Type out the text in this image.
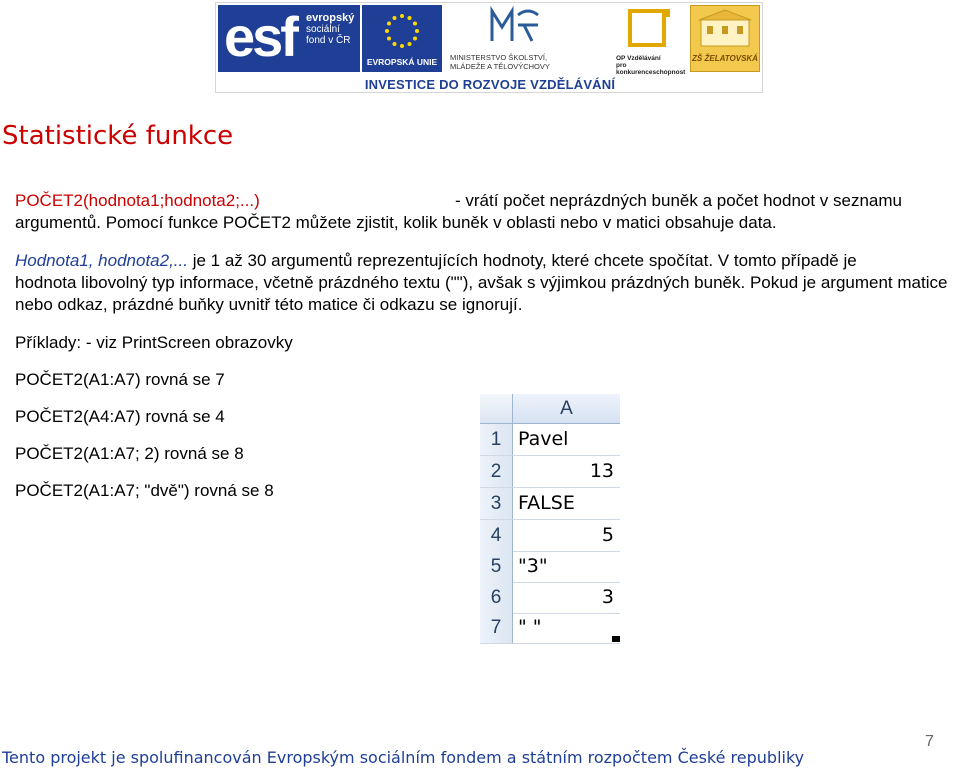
esf evropský
sociální
fond v ČR
EVROPSKÁ UNIE	MINISTERSTVO ŠKOLSTVÍ,
MLÁDEŽE A TĚLOVÝCHOVY
OP Vzdělávání
pro konkurenceschopnost
ZŠ ŽELATOVSKÁ
INVESTICE DO ROZVOJE VZDĚLÁVÁNÍ
Statistické funkce
POČET2(hodnota1;hodnota2;...)	- vrátí počet neprázdných buněk a počet hodnot v seznamu
argumentů. Pomocí funkce POČET2 můžete zjistit, kolik buněk v oblasti nebo v matici obsahuje data.
Hodnota1, hodnota2,... je 1 až 30 argumentů reprezentujících hodnoty, které chcete spočítat. V tomto případě je
hodnota libovolný typ informace, včetně prázdného textu (""), avšak s výjimkou prázdných buněk. Pokud je argument matice nebo odkaz, prázdné buňky uvnitř této matice či odkazu se ignorují.
Příklady: - viz PrintScreen obrazovky
POČET2(A1:A7) rovná se 7
POČET2(A4:A7) rovná se 4
POČET2(A1:A7; 2) rovná se 8
POČET2(A1:A7; "dvě") rovná se 8
A
1 Pavel
2	13
3 FALSE
4	5
5 "3"
6	3
7 " "
Tento projekt je spolufinancován Evropským sociálním fondem a státním rozpočtem České republiky
7
